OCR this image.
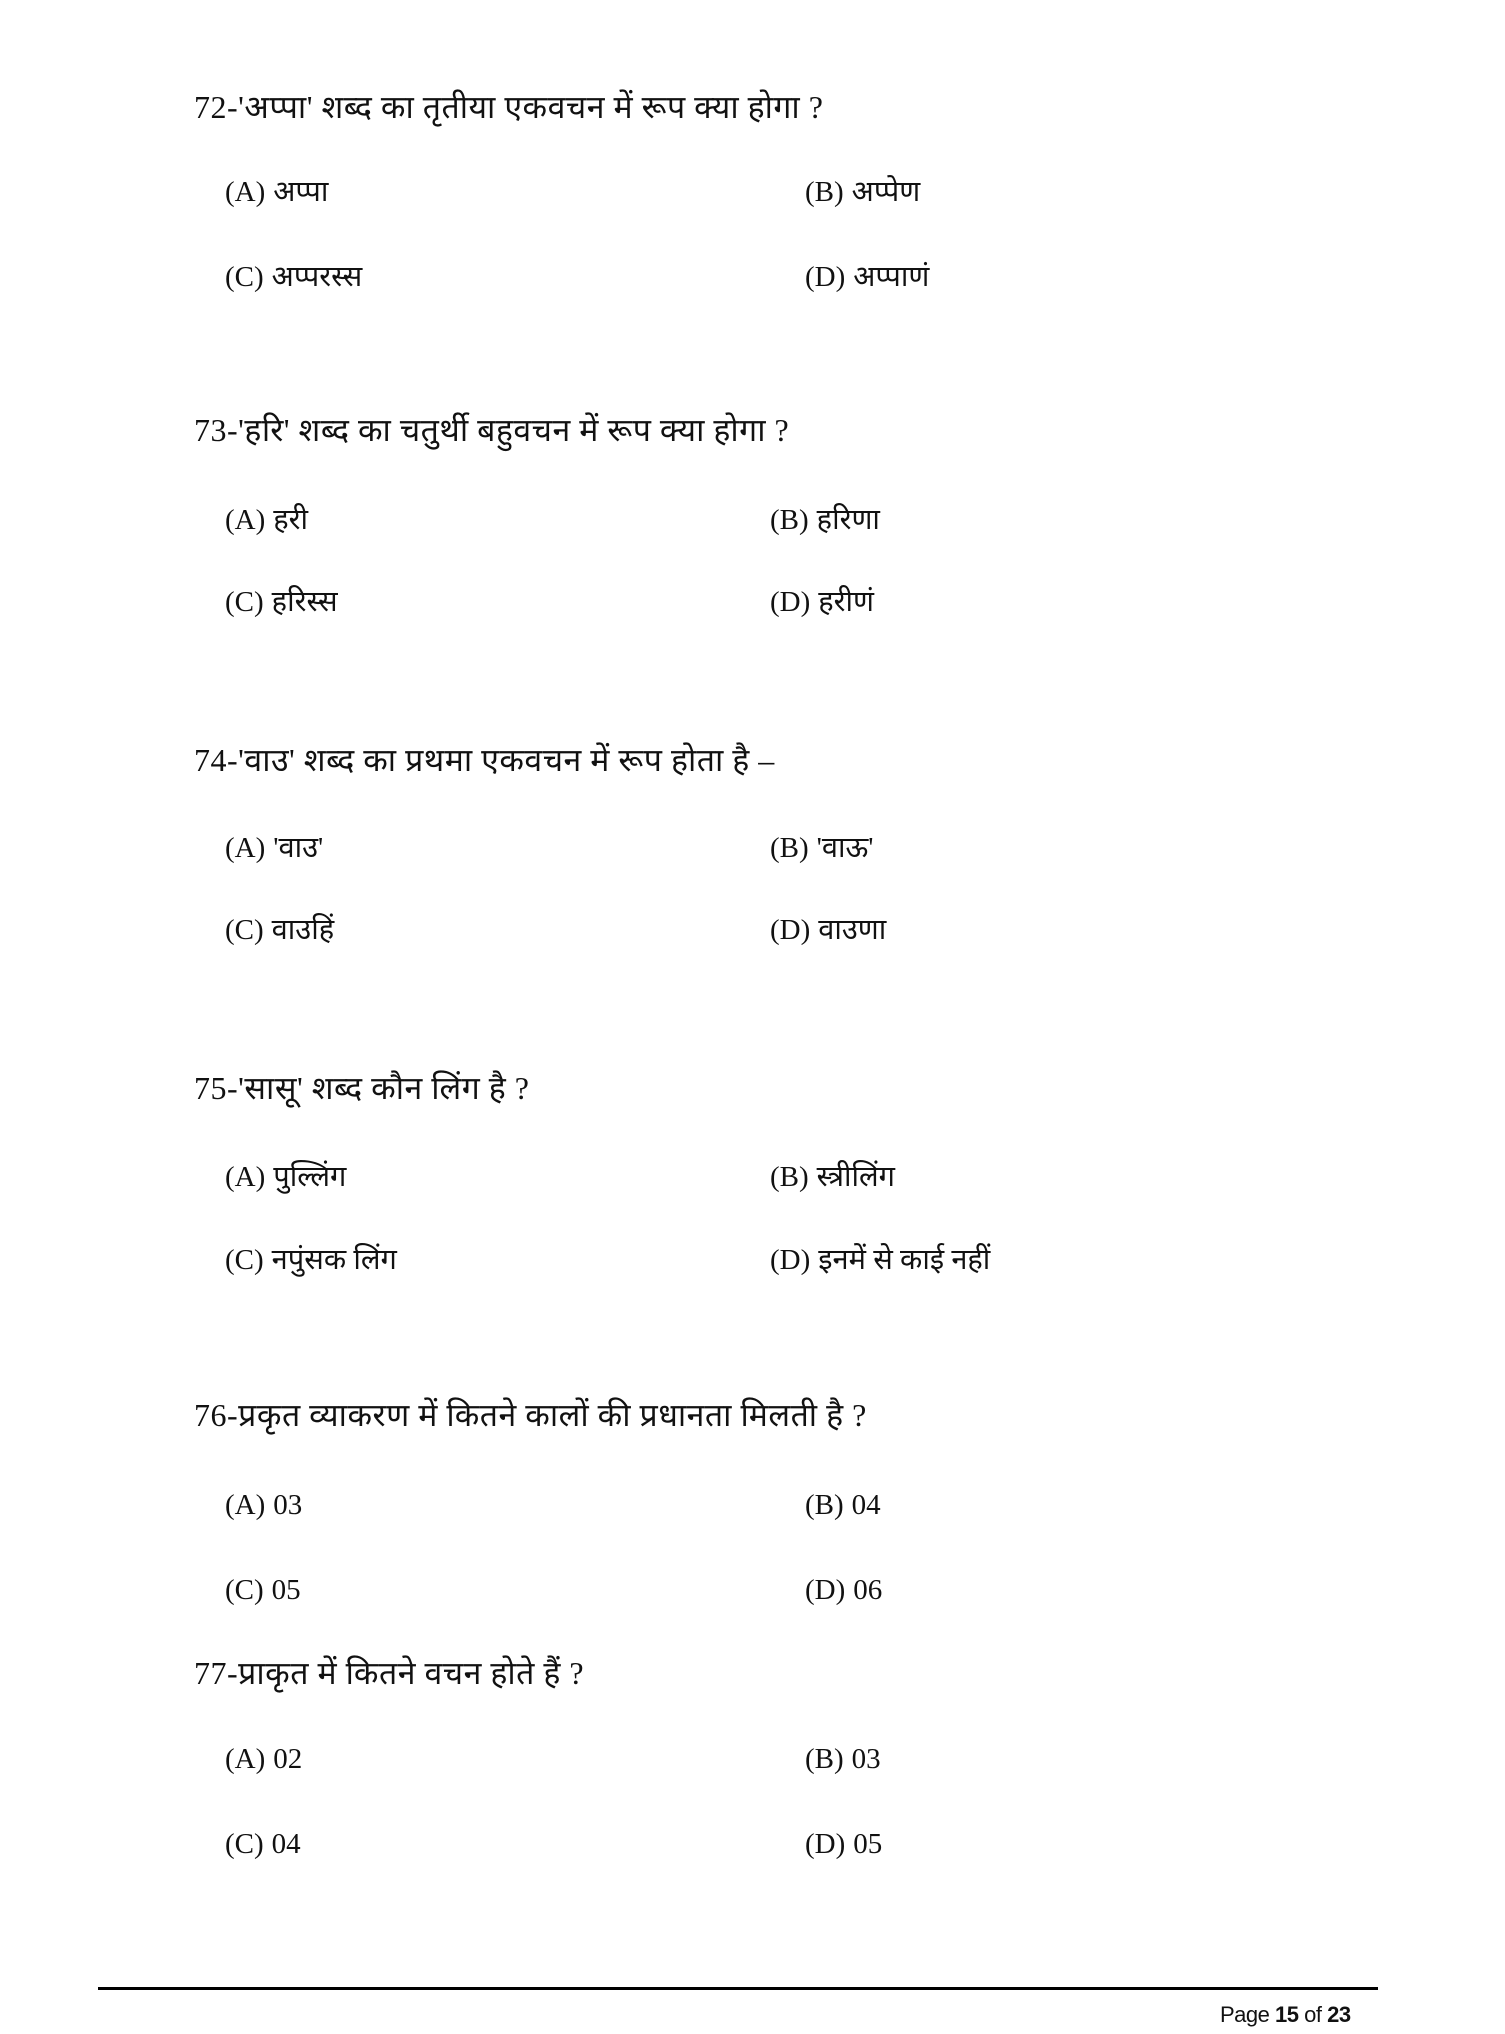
72-'अप्पा' शब्द का तृतीया एकवचन में रूप क्या होगा ?
(A) अप्पा	(B) अप्पेण
(C) अप्परस्स	(D) अप्पाणं
73-'हरि' शब्द का चतुर्थी बहुवचन में रूप क्या होगा ?
(A) हरी	(B) हरिणा
(C) हरिस्स	(D) हरीणं
74-'वाउ' शब्द का प्रथमा एकवचन में रूप होता है –
(A) 'वाउ'	(B) 'वाऊ'
(C) वाउहिं	(D) वाउणा
75-'सासू' शब्द कौन लिंग है ?
(A) पुल्लिंग	(B) स्त्रीलिंग
(C) नपुंसक लिंग	(D) इनमें से काई नहीं
76-प्रकृत व्याकरण में कितने कालों की प्रधानता मिलती है ?
(A) 03	(B) 04
(C) 05	(D) 06
77-प्राकृत में कितने वचन होते हैं ?
(A) 02	(B) 03
(C) 04	(D) 05
Page 15 of 23
